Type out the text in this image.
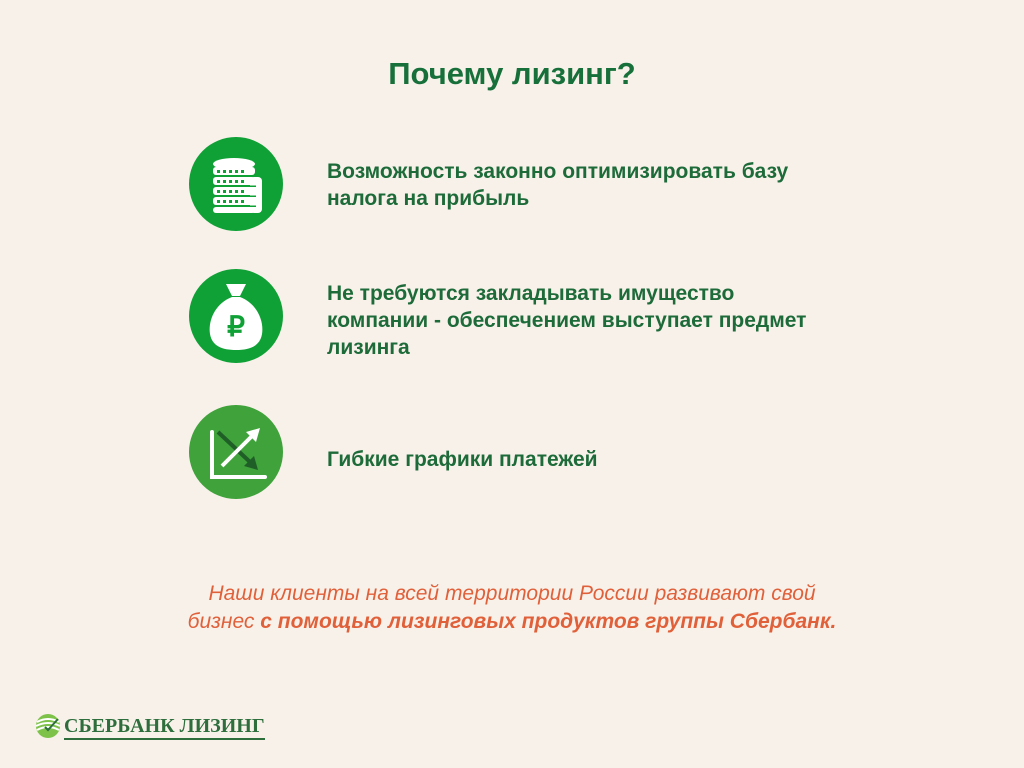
Почему лизинг?
Возможность законно оптимизировать базу
налога на прибыль
₽
Не требуются закладывать имущество
компании - обеспечением выступает предмет
лизинга
Гибкие графики платежей
Наши клиенты на всей территории России развивают свой
бизнес с помощью лизинговых продуктов группы Сбербанк.
СБЕРБАНК ЛИЗИНГ
